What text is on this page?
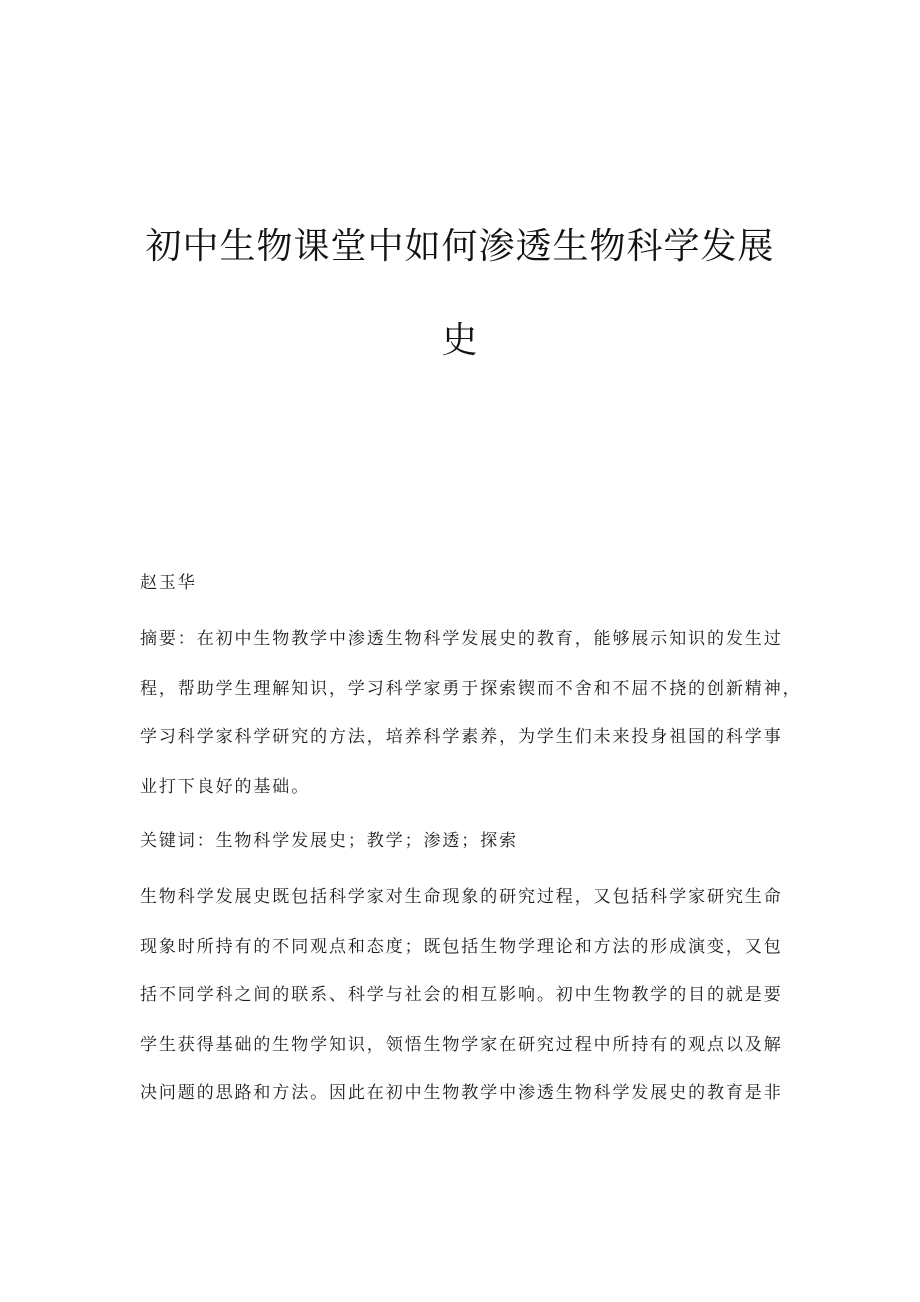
初中生物课堂中如何渗透生物科学发展
史
赵玉华
摘要：在初中生物教学中渗透生物科学发展史的教育，能够展示知识的发生过
程，帮助学生理解知识，学习科学家勇于探索锲而不舍和不屈不挠的创新精神，
学习科学家科学研究的方法，培养科学素养，为学生们未来投身祖国的科学事
业打下良好的基础。
关键词：生物科学发展史；教学；渗透；探索
生物科学发展史既包括科学家对生命现象的研究过程，又包括科学家研究生命
现象时所持有的不同观点和态度；既包括生物学理论和方法的形成演变，又包
括不同学科之间的联系、科学与社会的相互影响。初中生物教学的目的就是要
学生获得基础的生物学知识，领悟生物学家在研究过程中所持有的观点以及解
决问题的思路和方法。因此在初中生物教学中渗透生物科学发展史的教育是非
